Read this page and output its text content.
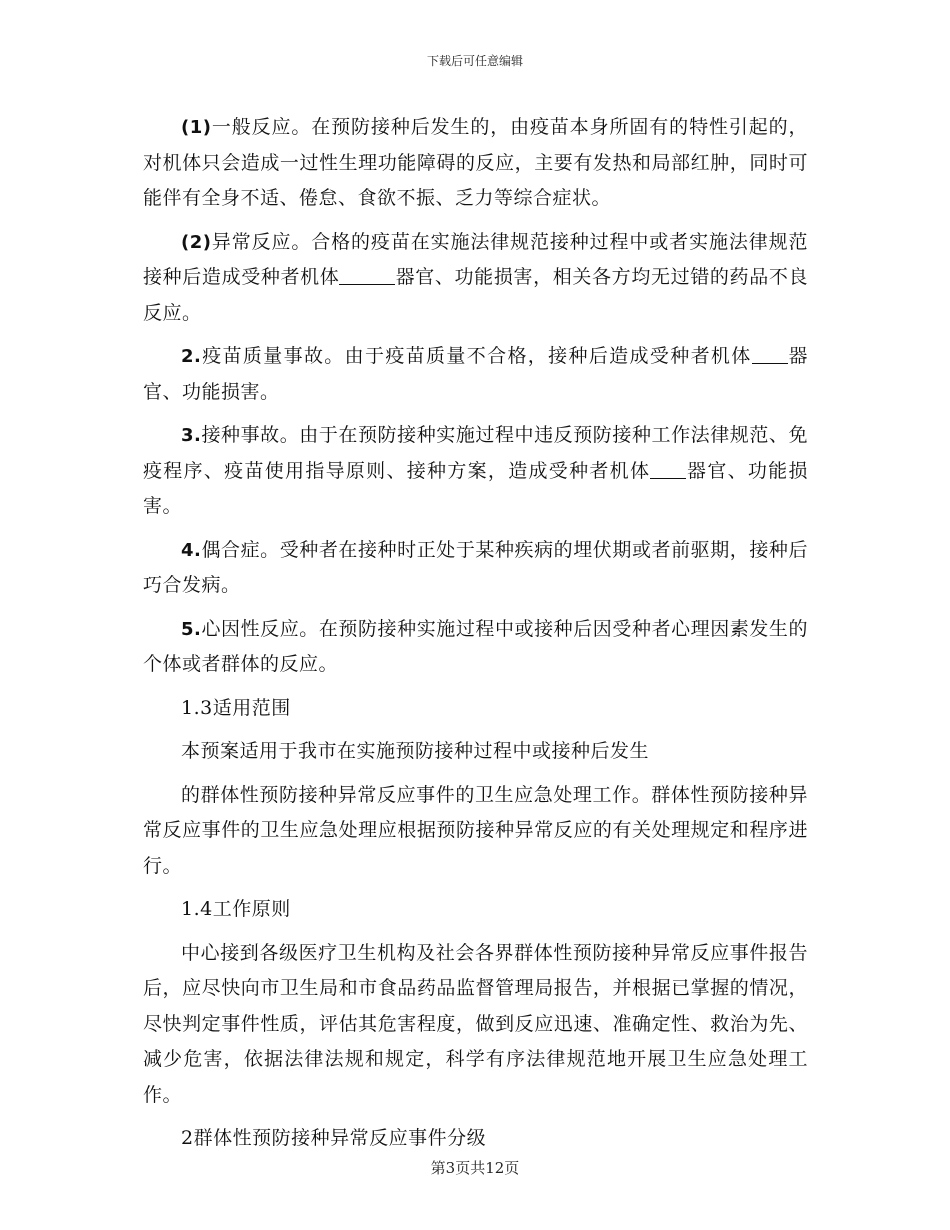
下载后可任意编辑

(1)一般反应。在预防接种后发生的，由疫苗本身所固有的特性引起的，对机体只会造成一过性生理功能障碍的反应，主要有发热和局部红肿，同时可能伴有全身不适、倦怠、食欲不振、乏力等综合症状。

(2)异常反应。合格的疫苗在实施法律规范接种过程中或者实施法律规范接种后造成受种者机体	器官、功能损害，相关各方均无过错的药品不良反应。

2.疫苗质量事故。由于疫苗质量不合格，接种后造成受种者机体 器官、功能损害。

3.接种事故。由于在预防接种实施过程中违反预防接种工作法律规范、免疫程序、疫苗使用指导原则、接种方案，造成受种者机体 器官、功能损害。

4.偶合症。受种者在接种时正处于某种疾病的埋伏期或者前驱期，接种后巧合发病。

5.心因性反应。在预防接种实施过程中或接种后因受种者心理因素发生的个体或者群体的反应。

1.3适用范围

本预案适用于我市在实施预防接种过程中或接种后发生

的群体性预防接种异常反应事件的卫生应急处理工作。群体性预防接种异常反应事件的卫生应急处理应根据预防接种异常反应的有关处理规定和程序进行。

1.4工作原则

中心接到各级医疗卫生机构及社会各界群体性预防接种异常反应事件报告后，应尽快向市卫生局和市食品药品监督管理局报告，并根据已掌握的情况，尽快判定事件性质，评估其危害程度，做到反应迅速、准确定性、救治为先、减少危害，依据法律法规和规定，科学有序法律规范地开展卫生应急处理工作。

2群体性预防接种异常反应事件分级

第3页共12页
